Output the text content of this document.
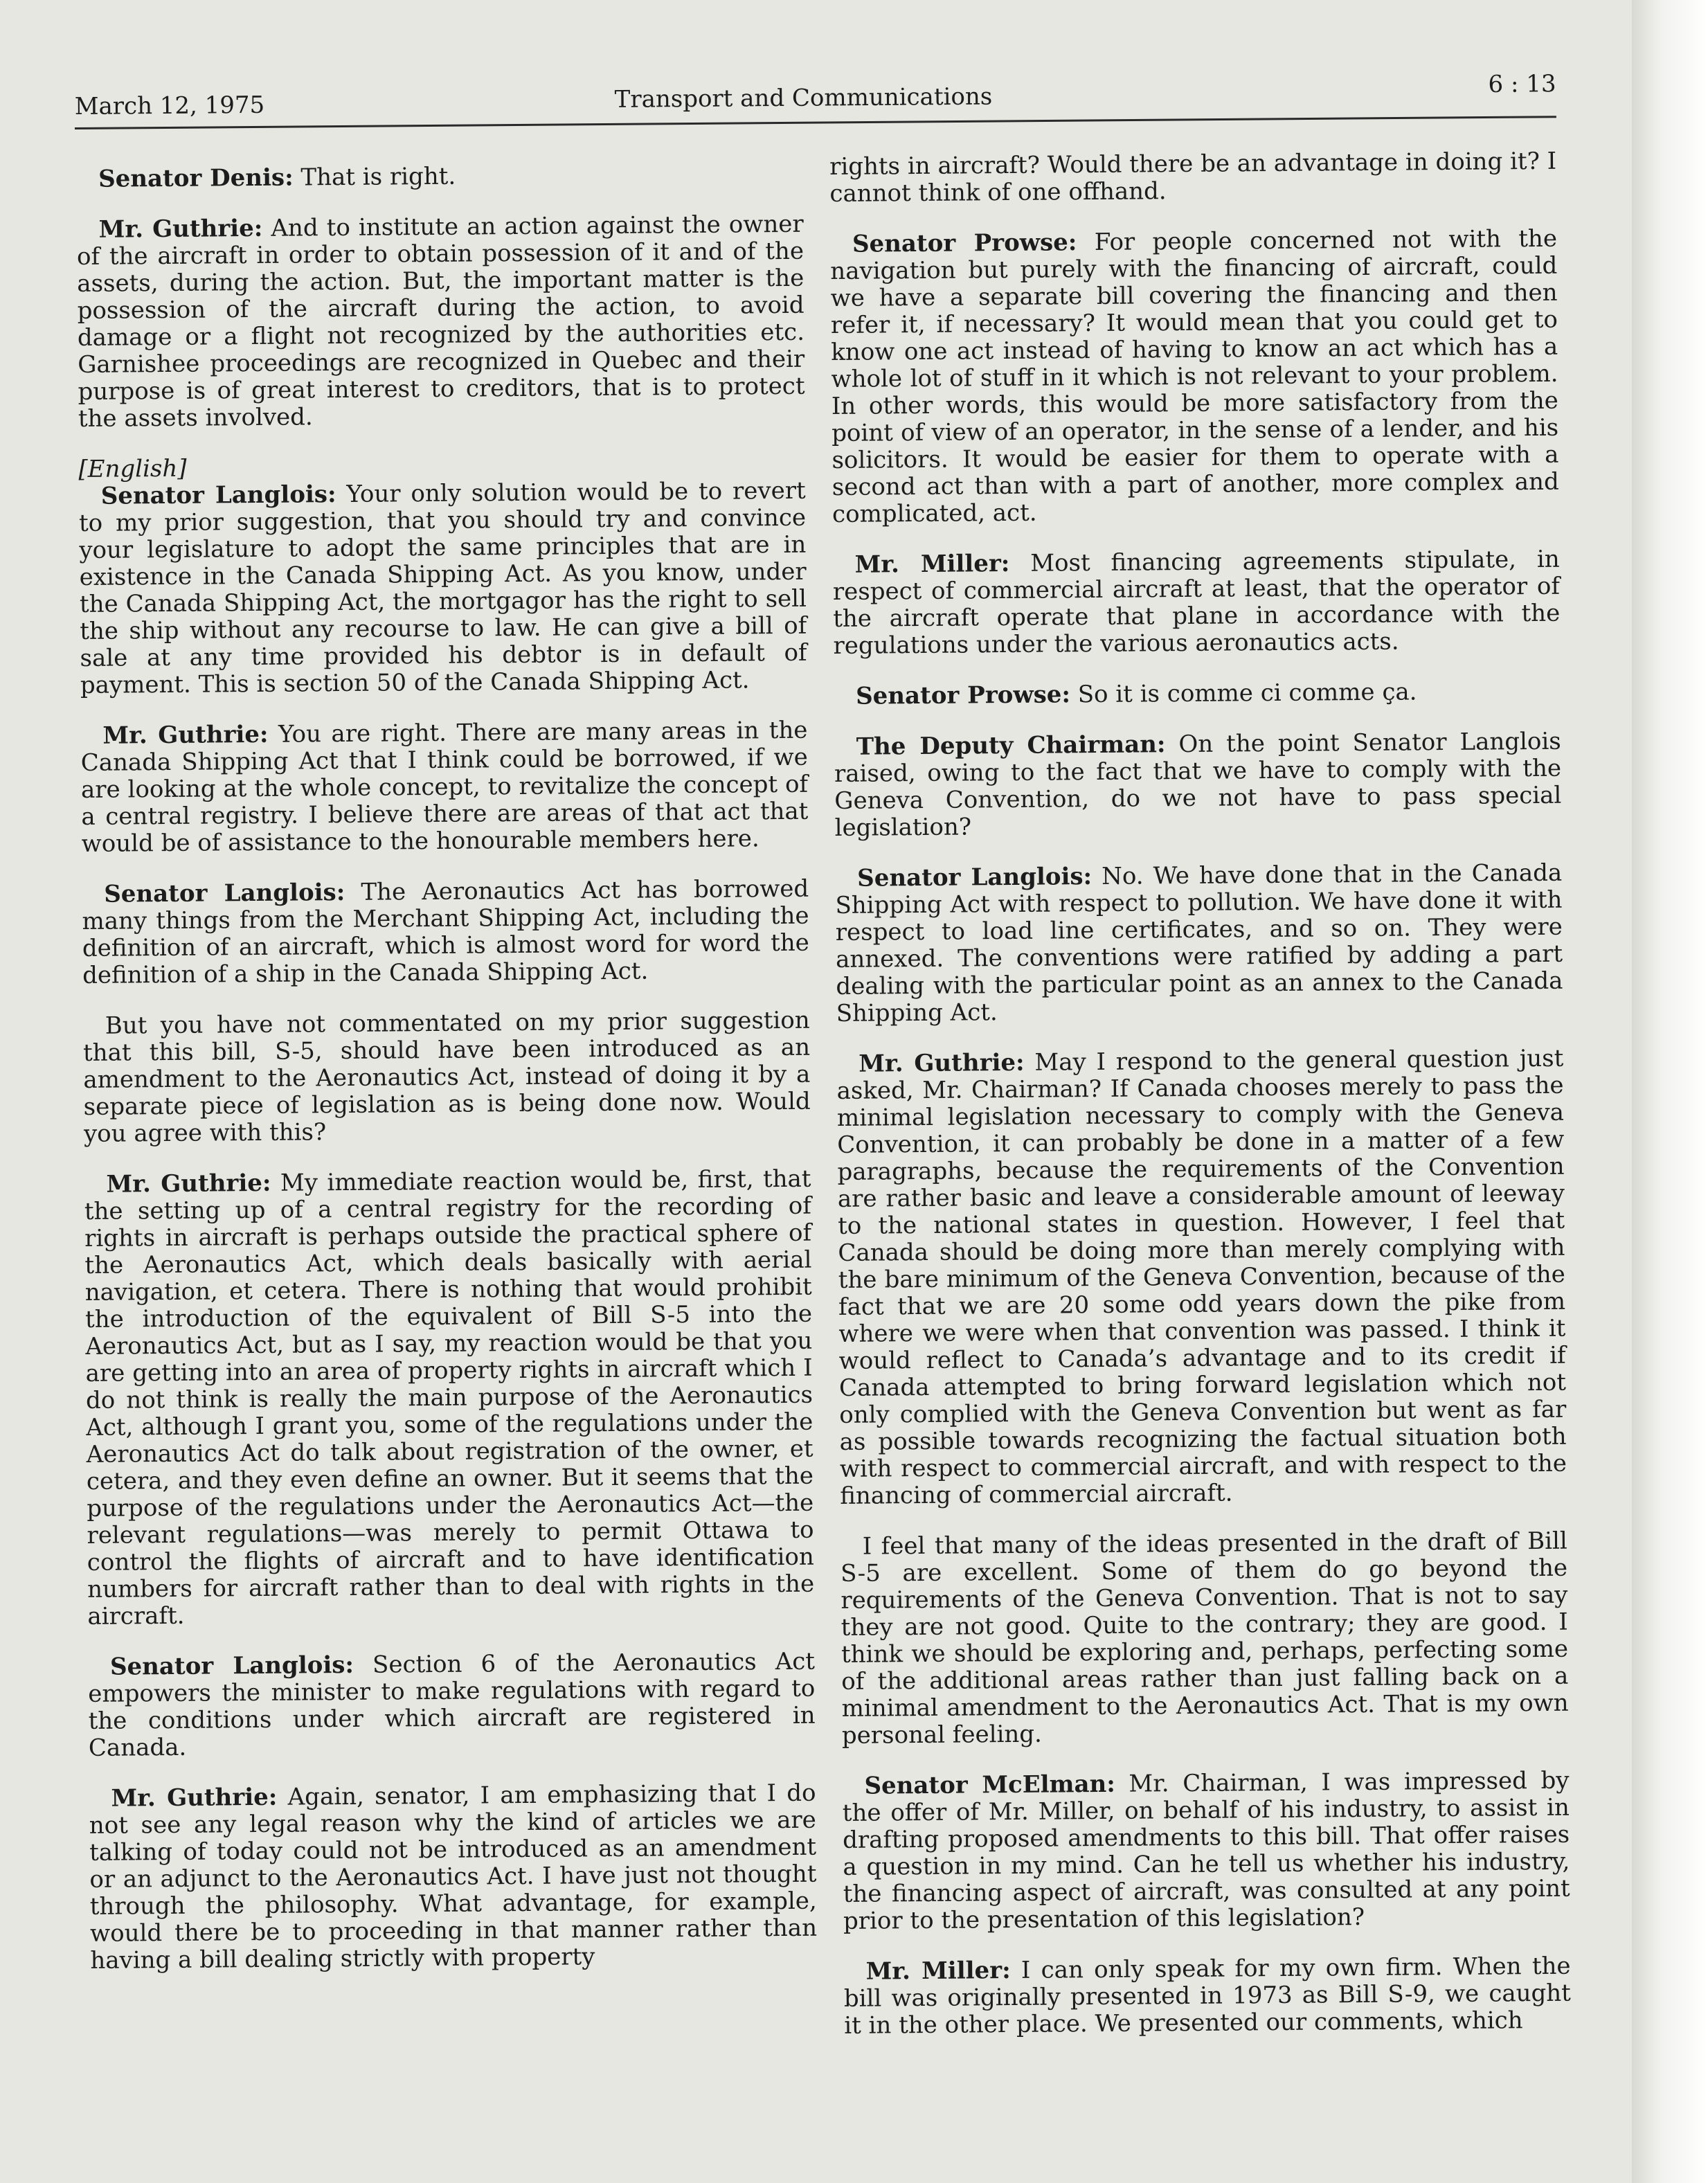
March 12, 1975	Transport and Communications	6 : 13

Senator Denis: That is right.

Mr. Guthrie: And to institute an action against the owner of the aircraft in order to obtain possession of it and of the assets, during the action. But, the important matter is the possession of the aircraft during the action, to avoid damage or a flight not recognized by the authorities etc. Garnishee proceedings are recognized in Quebec and their purpose is of great interest to creditors, that is to protect the assets involved.

[English]

Senator Langlois: Your only solution would be to revert to my prior suggestion, that you should try and convince your legislature to adopt the same principles that are in existence in the Canada Shipping Act. As you know, under the Canada Shipping Act, the mortgagor has the right to sell the ship without any recourse to law. He can give a bill of sale at any time provided his debtor is in default of payment. This is section 50 of the Canada Shipping Act.

Mr. Guthrie: You are right. There are many areas in the Canada Shipping Act that I think could be borrowed, if we are looking at the whole concept, to revitalize the concept of a central registry. I believe there are areas of that act that would be of assistance to the honourable members here.

Senator Langlois: The Aeronautics Act has borrowed many things from the Merchant Shipping Act, including the definition of an aircraft, which is almost word for word the definition of a ship in the Canada Shipping Act.

But you have not commentated on my prior suggestion that this bill, S-5, should have been introduced as an amendment to the Aeronautics Act, instead of doing it by a separate piece of legislation as is being done now. Would you agree with this?

Mr. Guthrie: My immediate reaction would be, first, that the setting up of a central registry for the recording of rights in aircraft is perhaps outside the practical sphere of the Aeronautics Act, which deals basically with aerial navigation, et cetera. There is nothing that would prohibit the introduction of the equivalent of Bill S-5 into the Aeronautics Act, but as I say, my reaction would be that you are getting into an area of property rights in aircraft which I do not think is really the main purpose of the Aeronautics Act, although I grant you, some of the regulations under the Aeronautics Act do talk about registration of the owner, et cetera, and they even define an owner. But it seems that the purpose of the regulations under the Aeronautics Act—the relevant regulations—was merely to permit Ottawa to control the flights of aircraft and to have identification numbers for aircraft rather than to deal with rights in the aircraft.

Senator Langlois: Section 6 of the Aeronautics Act empowers the minister to make regulations with regard to the conditions under which aircraft are registered in Canada.

Mr. Guthrie: Again, senator, I am emphasizing that I do not see any legal reason why the kind of articles we are talking of today could not be introduced as an amendment or an adjunct to the Aeronautics Act. I have just not thought through the philosophy. What advantage, for example, would there be to proceeding in that manner rather than having a bill dealing strictly with property

rights in aircraft? Would there be an advantage in doing it? I cannot think of one offhand.

Senator Prowse: For people concerned not with the navigation but purely with the financing of aircraft, could we have a separate bill covering the financing and then refer it, if necessary? It would mean that you could get to know one act instead of having to know an act which has a whole lot of stuff in it which is not relevant to your problem. In other words, this would be more satisfactory from the point of view of an operator, in the sense of a lender, and his solicitors. It would be easier for them to operate with a second act than with a part of another, more complex and complicated, act.

Mr. Miller: Most financing agreements stipulate, in respect of commercial aircraft at least, that the operator of the aircraft operate that plane in accordance with the regulations under the various aeronautics acts.

Senator Prowse: So it is comme ci comme ça.

The Deputy Chairman: On the point Senator Langlois raised, owing to the fact that we have to comply with the Geneva Convention, do we not have to pass special legislation?

Senator Langlois: No. We have done that in the Canada Shipping Act with respect to pollution. We have done it with respect to load line certificates, and so on. They were annexed. The conventions were ratified by adding a part dealing with the particular point as an annex to the Canada Shipping Act.

Mr. Guthrie: May I respond to the general question just asked, Mr. Chairman? If Canada chooses merely to pass the minimal legislation necessary to comply with the Geneva Convention, it can probably be done in a matter of a few paragraphs, because the requirements of the Convention are rather basic and leave a considerable amount of leeway to the national states in question. However, I feel that Canada should be doing more than merely complying with the bare minimum of the Geneva Convention, because of the fact that we are 20 some odd years down the pike from where we were when that convention was passed. I think it would reflect to Canada’s advantage and to its credit if Canada attempted to bring forward legislation which not only complied with the Geneva Convention but went as far as possible towards recognizing the factual situation both with respect to commercial aircraft, and with respect to the financing of commercial aircraft.

I feel that many of the ideas presented in the draft of Bill S-5 are excellent. Some of them do go beyond the requirements of the Geneva Convention. That is not to say they are not good. Quite to the contrary; they are good. I think we should be exploring and, perhaps, perfecting some of the additional areas rather than just falling back on a minimal amendment to the Aeronautics Act. That is my own personal feeling.

Senator McElman: Mr. Chairman, I was impressed by the offer of Mr. Miller, on behalf of his industry, to assist in drafting proposed amendments to this bill. That offer raises a question in my mind. Can he tell us whether his industry, the financing aspect of aircraft, was consulted at any point prior to the presentation of this legislation?

Mr. Miller: I can only speak for my own firm. When the bill was originally presented in 1973 as Bill S-9, we caught it in the other place. We presented our comments, which
